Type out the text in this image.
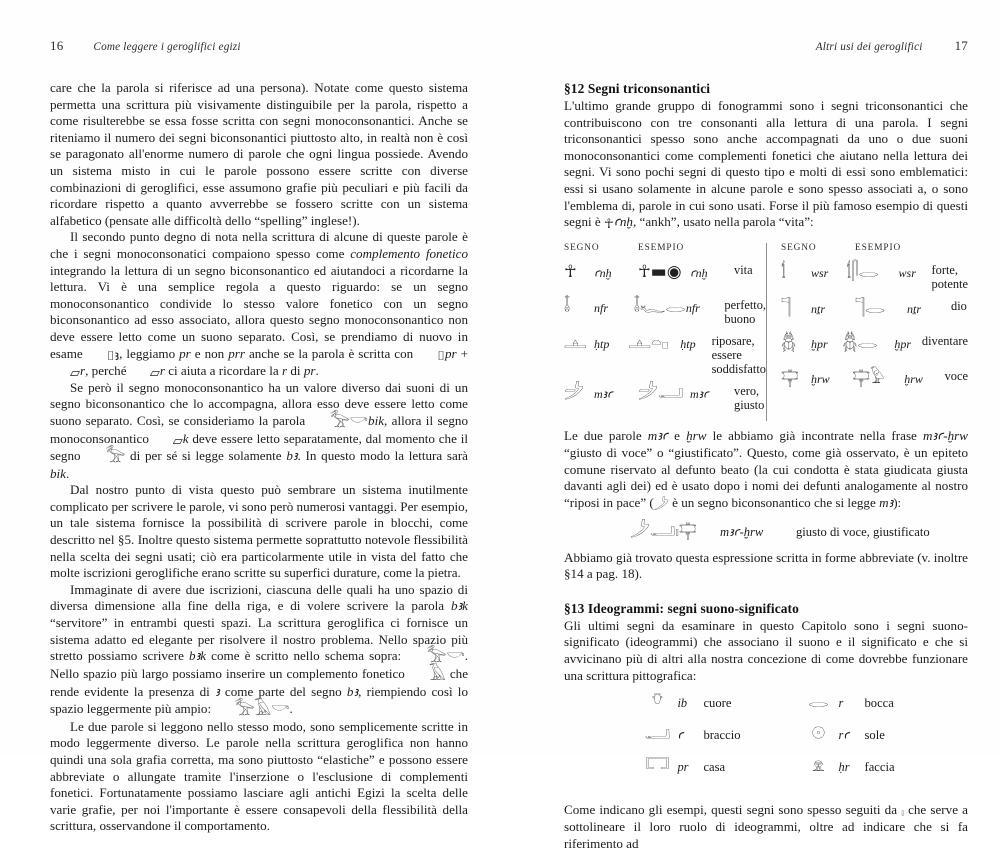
16	Come leggere i geroglifici egizi

care che la parola si riferisce ad una persona). Notate come questo sistema permetta una scrittura più visivamente distinguibile per la parola, rispetto a come risulterebbe se essa fosse scritta con segni monoconsonantici. Anche se riteniamo il numero dei segni biconsonantici piuttosto alto, in realtà non è così se paragonato all'enorme numero di parole che ogni lingua possiede. Avendo un sistema misto in cui le parole possono essere scritte con diverse combinazioni di geroglifici, esse assumono grafie più peculiari e più facili da ricordare rispetto a quanto avverrebbe se fossero scritte con un sistema alfabetico (pensate alle difficoltà dello “spelling” inglese!).

Il secondo punto degno di nota nella scrittura di alcune di queste parole è che i segni monoconsonatici compaiono spesso come complemento fonetico integrando la lettura di un segno biconsonantico ed aiutandoci a ricordarne la lettura. Vi è una semplice regola a questo riguardo: se un segno monoconsonantico condivide lo stesso valore fonetico con un segno biconsonantico ad esso associato, allora questo segno monoconsonantico non deve essere letto come un suono separato. Così, se prendiamo di nuovo in esame ⌷ꜣ, leggiamo pr e non prr anche se la parola è scritta con ⌷pr + ▱r, perché ▱r ci aiuta a ricordare la r di pr.

Se però il segno monoconsonantico ha un valore diverso dai suoni di un segno biconsonantico che lo accompagna, allora esso deve essere letto come suono separato. Così, se consideriamo la parola 𓅡𓎡bik, allora il segno monoconsonantico ▱k deve essere letto separatamente, dal momento che il segno 𓅡 di per sé si legge solamente bꜣ. In questo modo la lettura sarà bik.

Dal nostro punto di vista questo può sembrare un sistema inutilmente complicato per scrivere le parole, vi sono però numerosi vantaggi. Per esempio, un tale sistema fornisce la possibilità di scrivere parole in blocchi, come descritto nel §5. Inoltre questo sistema permette soprattutto notevole flessibilità nella scelta dei segni usati; ciò era particolarmente utile in vista del fatto che molte iscrizioni geroglifiche erano scritte su superfici durature, come la pietra.

Immaginate di avere due iscrizioni, ciascuna delle quali ha uno spazio di diversa dimensione alla fine della riga, e di volere scrivere la parola bꜣk “servitore” in entrambi questi spazi. La scrittura geroglifica ci fornisce un sistema adatto ed elegante per risolvere il nostro problema. Nello spazio più stretto possiamo scrivere bꜣk come è scritto nello schema sopra: 𓅡𓎡. Nello spazio più largo possiamo inserire un complemento fonetico 𓄿 che rende evidente la presenza di ꜣ come parte del segno bꜣ, riempiendo così lo spazio leggermente più ampio: 𓅡𓄿𓎡.

Le due parole si leggono nello stesso modo, sono semplicemente scritte in modo leggermente diverso. Le parole nella scrittura geroglifica non hanno quindi una sola grafia corretta, ma sono piuttosto “elastiche” e possono essere abbreviate o allungate tramite l'inserzione o l'esclusione di complementi fonetici. Fortunatamente possiamo lasciare agli antichi Egizi la scelta delle varie grafie, per noi l'importante è essere consapevoli della flessibilità della scrittura, osservandone il comportamento.

Altri usi dei geroglifici 17
§12 Segni triconsonantici

L'ultimo grande gruppo di fonogrammi sono i segni triconsonantici che contribuiscono con tre consonanti alla lettura di una parola. I segni triconsonantici spesso sono anche accompagnati da uno o due suoni monoconsonantici come complementi fonetici che aiutano nella lettura dei segni. Vi sono pochi segni di questo tipo e molti di essi sono emblematici: essi si usano solamente in alcune parole e sono spesso associati a, o sono l'emblema di, parole in cui sono usati. Forse il più famoso esempio di questi segni è ☥ꜥnḫ, “ankh”, usato nella parola “vita”:

SEGNO	ESEMPIO
☥	ꜥnḫ ☥▬◉ ꜥnḫ vita
𓄤	nfr 𓄤𓆑𓂋 nfr perfetto, buono
𓊵 ḥtp 𓊵𓏏𓊪 ḥtp riposare, essere soddisfatto
𓌶 mꜣꜥ 𓌶𓂝 mꜣꜥ vero, giusto
SEGNO	ESEMPIO
𓌀	wsr 𓌀𓋴𓂋	wsr forte, potente
𓊹	nṯr 𓊹𓂋	nṯr dio
𓆣	ḫpr 𓆣𓂋	ḫpr diventare
𓊡	ḫrw 𓊡𓅱	ḫrw voce

Le due parole mꜣꜥ e ḫrw le abbiamo già incontrate nella frase mꜣꜥ-ḫrw “giusto di voce” o “giustificato”. Questo, come già osservato, è un epiteto comune riservato al defunto beato (la cui condotta è stata giudicata giusta davanti agli dei) ed è usato dopo i nomi dei defunti analogamente al nostro “riposi in pace” (𓌳 è un segno biconsonantico che si legge mꜣ):

𓌳𓂝𓏤𓊡	mꜣꜥ-ḫrw	giusto di voce, giustificato

Abbiamo già trovato questa espressione scritta in forme abbreviate (v. inoltre §14 a pag. 18).

§13 Ideogrammi: segni suono-significato

Gli ultimi segni da esaminare in questo Capitolo sono i segni suono-significato (ideogrammi) che associano il suono e il significato e che si avvicinano più di altri alla nostra concezione di come dovrebbe funzionare una scrittura pittografica:

𓄣	ib	cuore
𓂝 ꜥ	braccio
𓉐 pr	casa
𓂋 r	bocca
𓇳	rꜥ	sole
𓁷	ḥr	faccia

Come indicano gli esempi, questi segni sono spesso seguiti da 𓏤 che serve a sottolineare il loro ruolo di ideogrammi, oltre ad indicare che si fa riferimento ad
